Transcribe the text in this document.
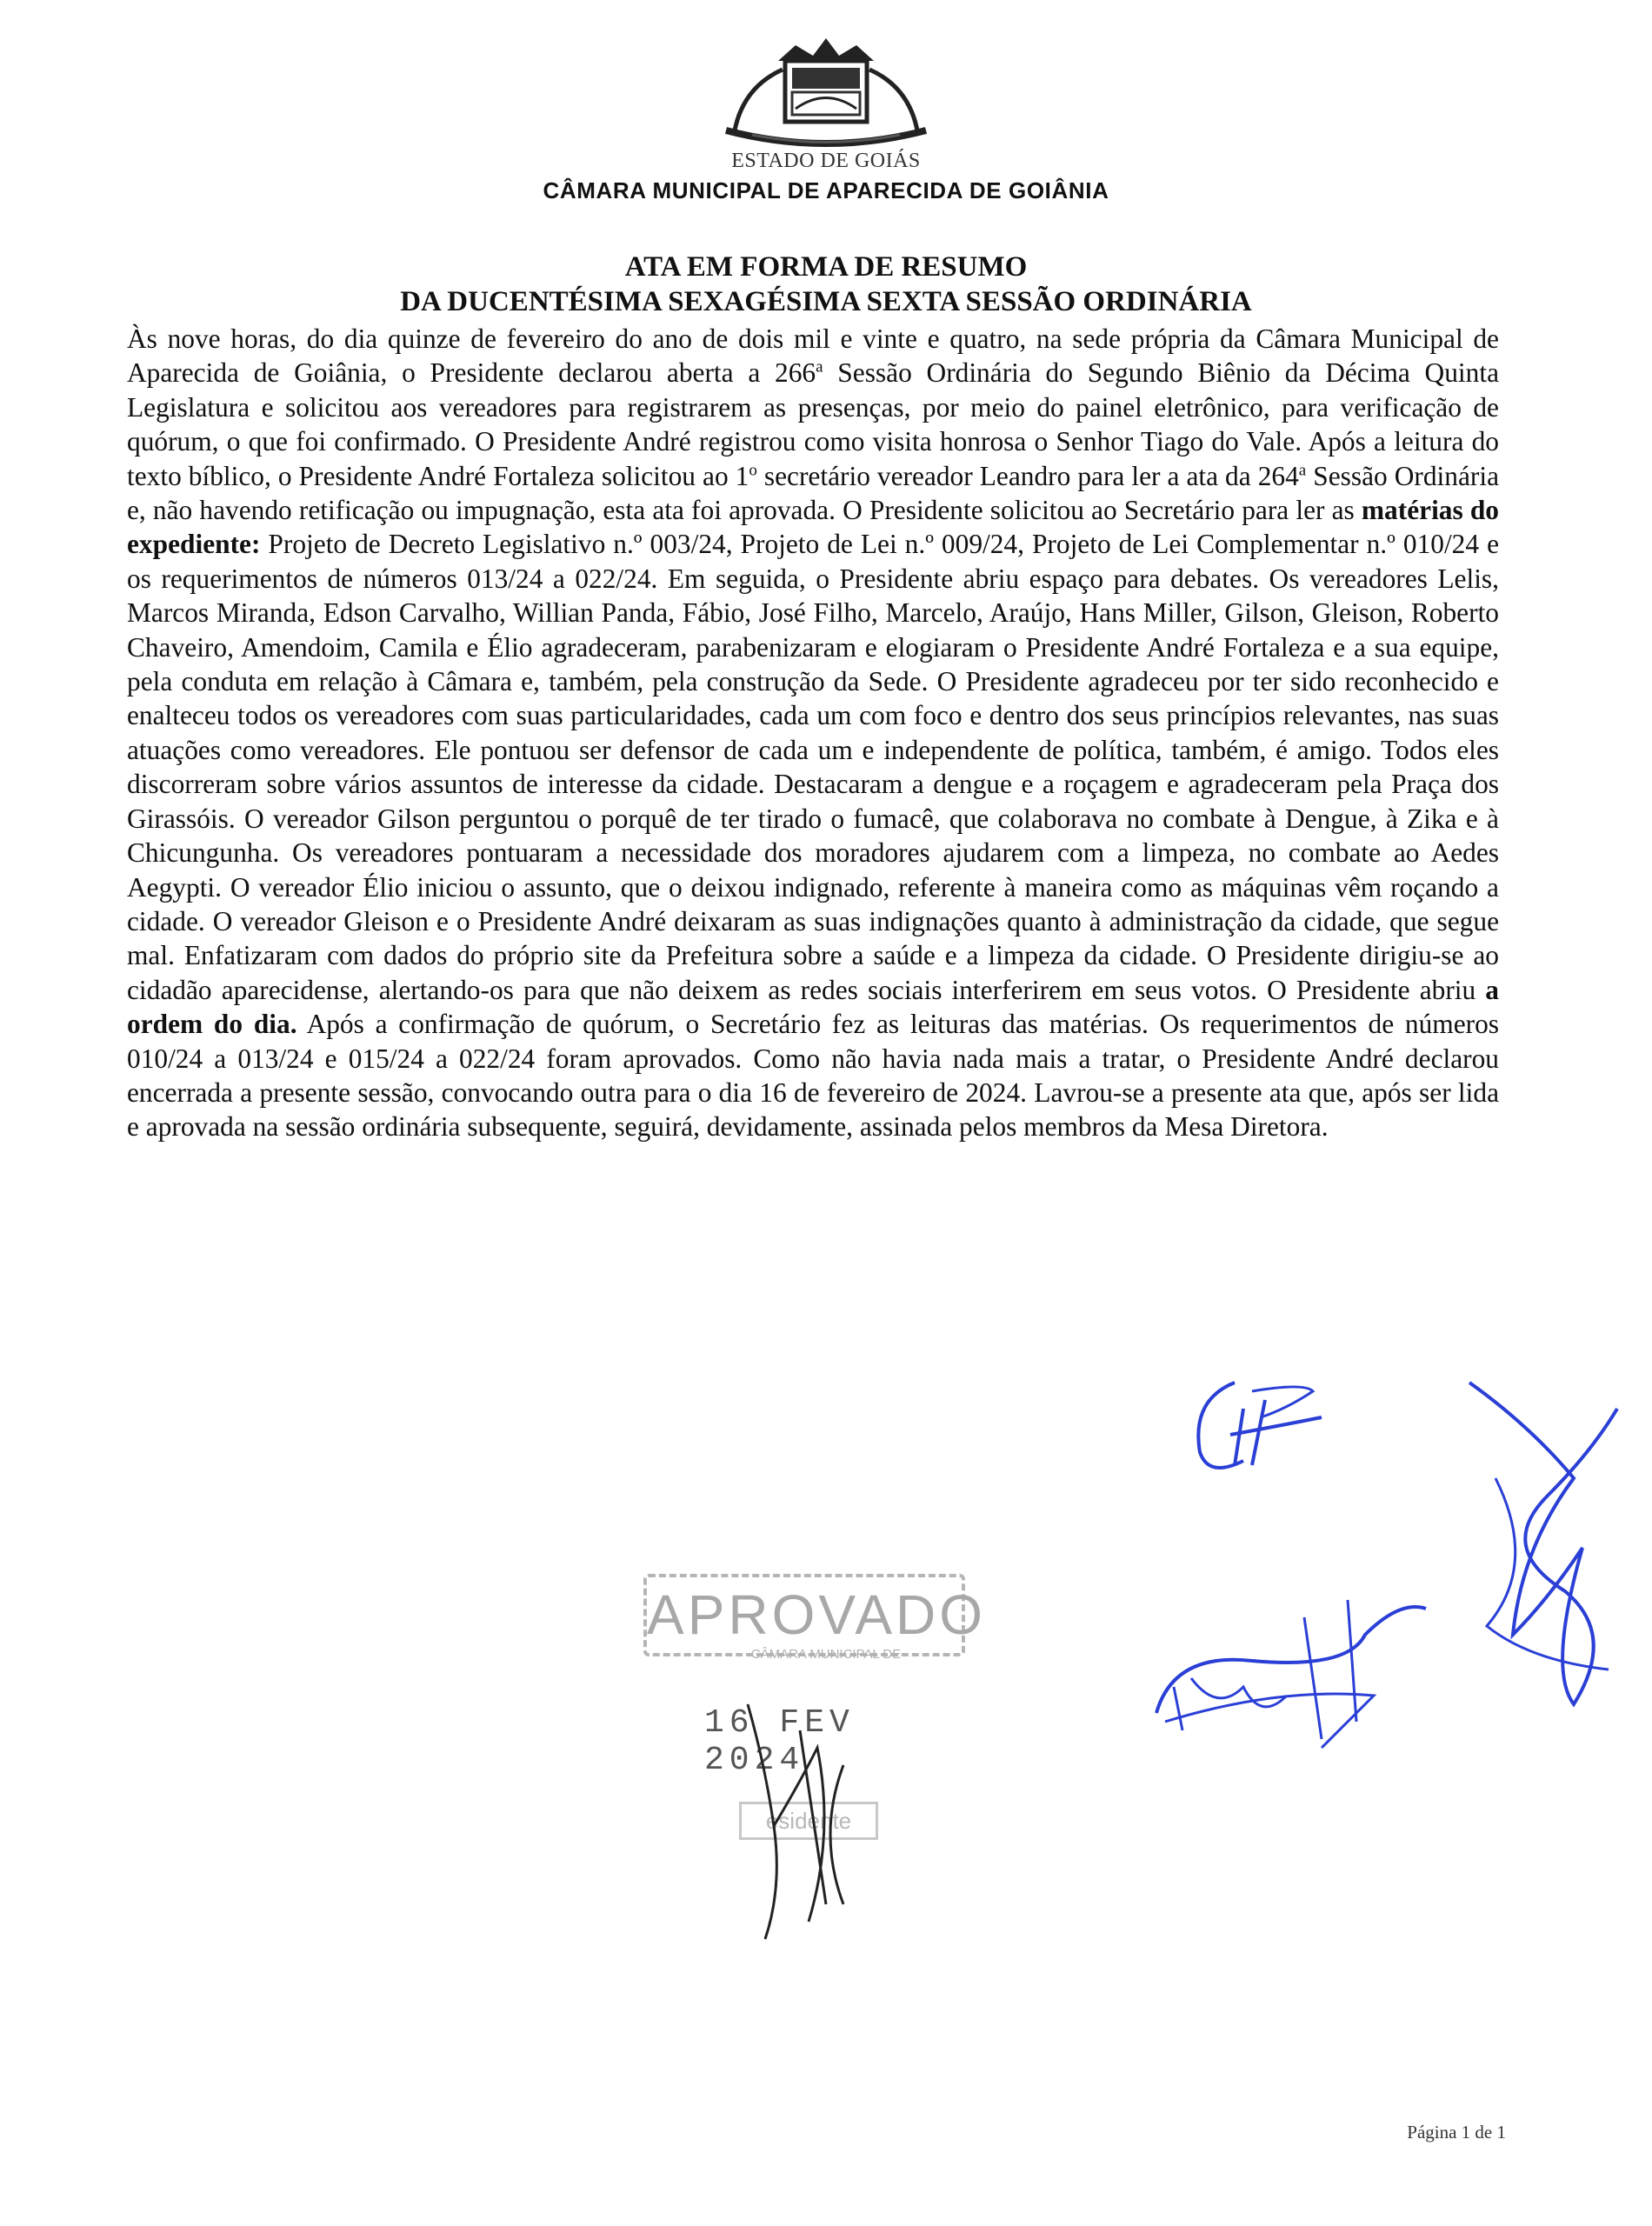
ESTADO DE GOIÁS
CÂMARA MUNICIPAL DE APARECIDA DE GOIÂNIA
ATA EM FORMA DE RESUMO
DA DUCENTÉSIMA SEXAGÉSIMA SEXTA SESSÃO ORDINÁRIA
Às nove horas, do dia quinze de fevereiro do ano de dois mil e vinte e quatro, na sede própria da Câmara Municipal de Aparecida de Goiânia, o Presidente declarou aberta a 266$^a$ Sessão Ordinária do Segundo Biênio da Décima Quinta Legislatura e solicitou aos vereadores para registrarem as presenças, por meio do painel eletrônico, para verificação de quórum, o que foi confirmado. O Presidente André registrou como visita honrosa o Senhor Tiago do Vale. Após a leitura do texto bíblico, o Presidente André Fortaleza solicitou ao 1$^o$ secretário vereador Leandro para ler a ata da 264$^a$ Sessão Ordinária e, não havendo retificação ou impugnação, esta ata foi aprovada. O Presidente solicitou ao Secretário para ler as matérias do expediente: Projeto de Decreto Legislativo n.º 003/24, Projeto de Lei n.º 009/24, Projeto de Lei Complementar n.º 010/24 e os requerimentos de números 013/24 a 022/24. Em seguida, o Presidente abriu espaço para debates. Os vereadores Lelis, Marcos Miranda, Edson Carvalho, Willian Panda, Fábio, José Filho, Marcelo, Araújo, Hans Miller, Gilson, Gleison, Roberto Chaveiro, Amendoim, Camila e Élio agradeceram, parabenizaram e elogiaram o Presidente André Fortaleza e a sua equipe, pela conduta em relação à Câmara e, também, pela construção da Sede. O Presidente agradeceu por ter sido reconhecido e enalteceu todos os vereadores com suas particularidades, cada um com foco e dentro dos seus princípios relevantes, nas suas atuações como vereadores. Ele pontuou ser defensor de cada um e independente de política, também, é amigo. Todos eles discorreram sobre vários assuntos de interesse da cidade. Destacaram a dengue e a roçagem e agradeceram pela Praça dos Girassóis. O vereador Gilson perguntou o porquê de ter tirado o fumacê, que colaborava no combate à Dengue, à Zika e à Chicungunha. Os vereadores pontuaram a necessidade dos moradores ajudarem com a limpeza, no combate ao Aedes Aegypti. O vereador Élio iniciou o assunto, que o deixou indignado, referente à maneira como as máquinas vêm roçando a cidade. O vereador Gleison e o Presidente André deixaram as suas indignações quanto à administração da cidade, que segue mal. Enfatizaram com dados do próprio site da Prefeitura sobre a saúde e a limpeza da cidade. O Presidente dirigiu-se ao cidadão aparecidense, alertando-os para que não deixem as redes sociais interferirem em seus votos. O Presidente abriu a ordem do dia. Após a confirmação de quórum, o Secretário fez as leituras das matérias. Os requerimentos de números 010/24 a 013/24 e 015/24 a 022/24 foram aprovados. Como não havia nada mais a tratar, o Presidente André declarou encerrada a presente sessão, convocando outra para o dia 16 de fevereiro de 2024. Lavrou-se a presente ata que, após ser lida e aprovada na sessão ordinária subsequente, seguirá, devidamente, assinada pelos membros da Mesa Diretora.
APROVADO
CÂMARA MUNICIPAL DE
16 FEV 2024
esidente
Página 1 de 1
